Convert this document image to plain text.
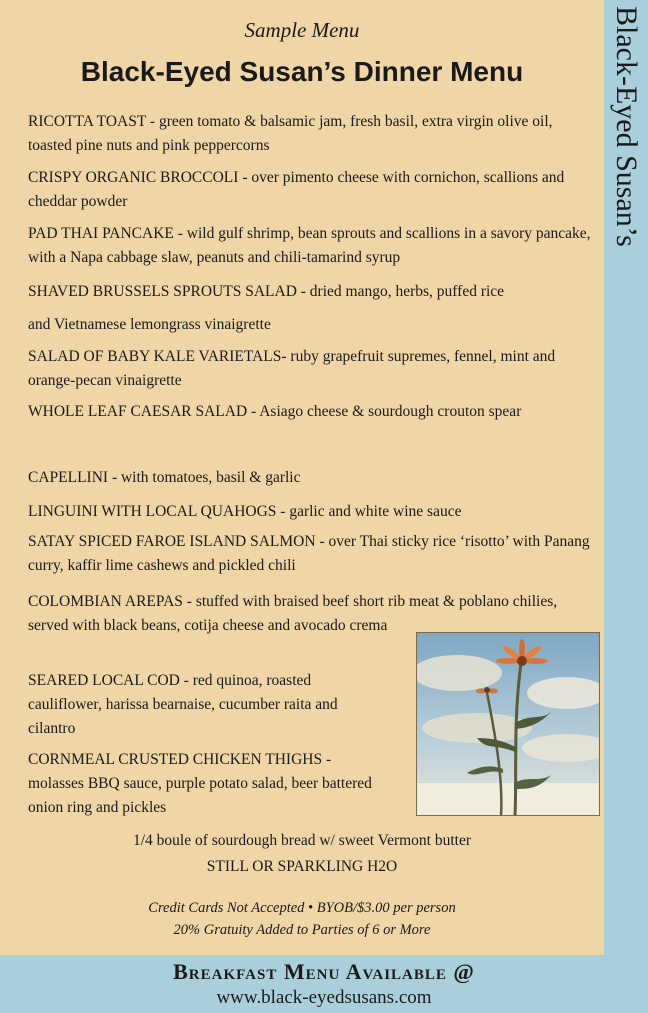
Sample Menu
Black-Eyed Susan’s Dinner Menu
RICOTTA TOAST - green tomato & balsamic jam, fresh basil, extra virgin olive oil, toasted pine nuts and pink peppercorns
CRISPY ORGANIC BROCCOLI - over pimento cheese with cornichon, scallions and cheddar powder
PAD THAI PANCAKE - wild gulf shrimp, bean sprouts and scallions in a savory pancake, with a Napa cabbage slaw, peanuts and chili-tamarind syrup
SHAVED BRUSSELS SPROUTS SALAD - dried mango, herbs, puffed rice
and Vietnamese lemongrass vinaigrette
SALAD OF BABY KALE VARIETALS- ruby grapefruit supremes, fennel, mint and orange-pecan vinaigrette
WHOLE LEAF CAESAR SALAD - Asiago cheese & sourdough crouton spear
CAPELLINI - with tomatoes, basil & garlic
LINGUINI WITH LOCAL QUAHOGS - garlic and white wine sauce
SATAY SPICED FAROE ISLAND SALMON - over Thai sticky rice ‘risotto’ with Panang curry, kaffir lime cashews and pickled chili
COLOMBIAN AREPAS - stuffed with braised beef short rib meat & poblano chilies, served with black beans, cotija cheese and avocado crema
SEARED LOCAL COD - red quinoa, roasted cauliflower, harissa bearnaise, cucumber raita and cilantro
CORNMEAL CRUSTED CHICKEN THIGHS - molasses BBQ sauce, purple potato salad, beer battered onion ring and pickles
1/4 boule of sourdough bread w/ sweet Vermont butter
STILL OR SPARKLING H2O
Credit Cards Not Accepted • BYOB/$3.00 per person
20% Gratuity Added to Parties of 6 or More
Black-Eyed Susan’s
Breakfast Menu Available @
www.black-eyedsusans.com
